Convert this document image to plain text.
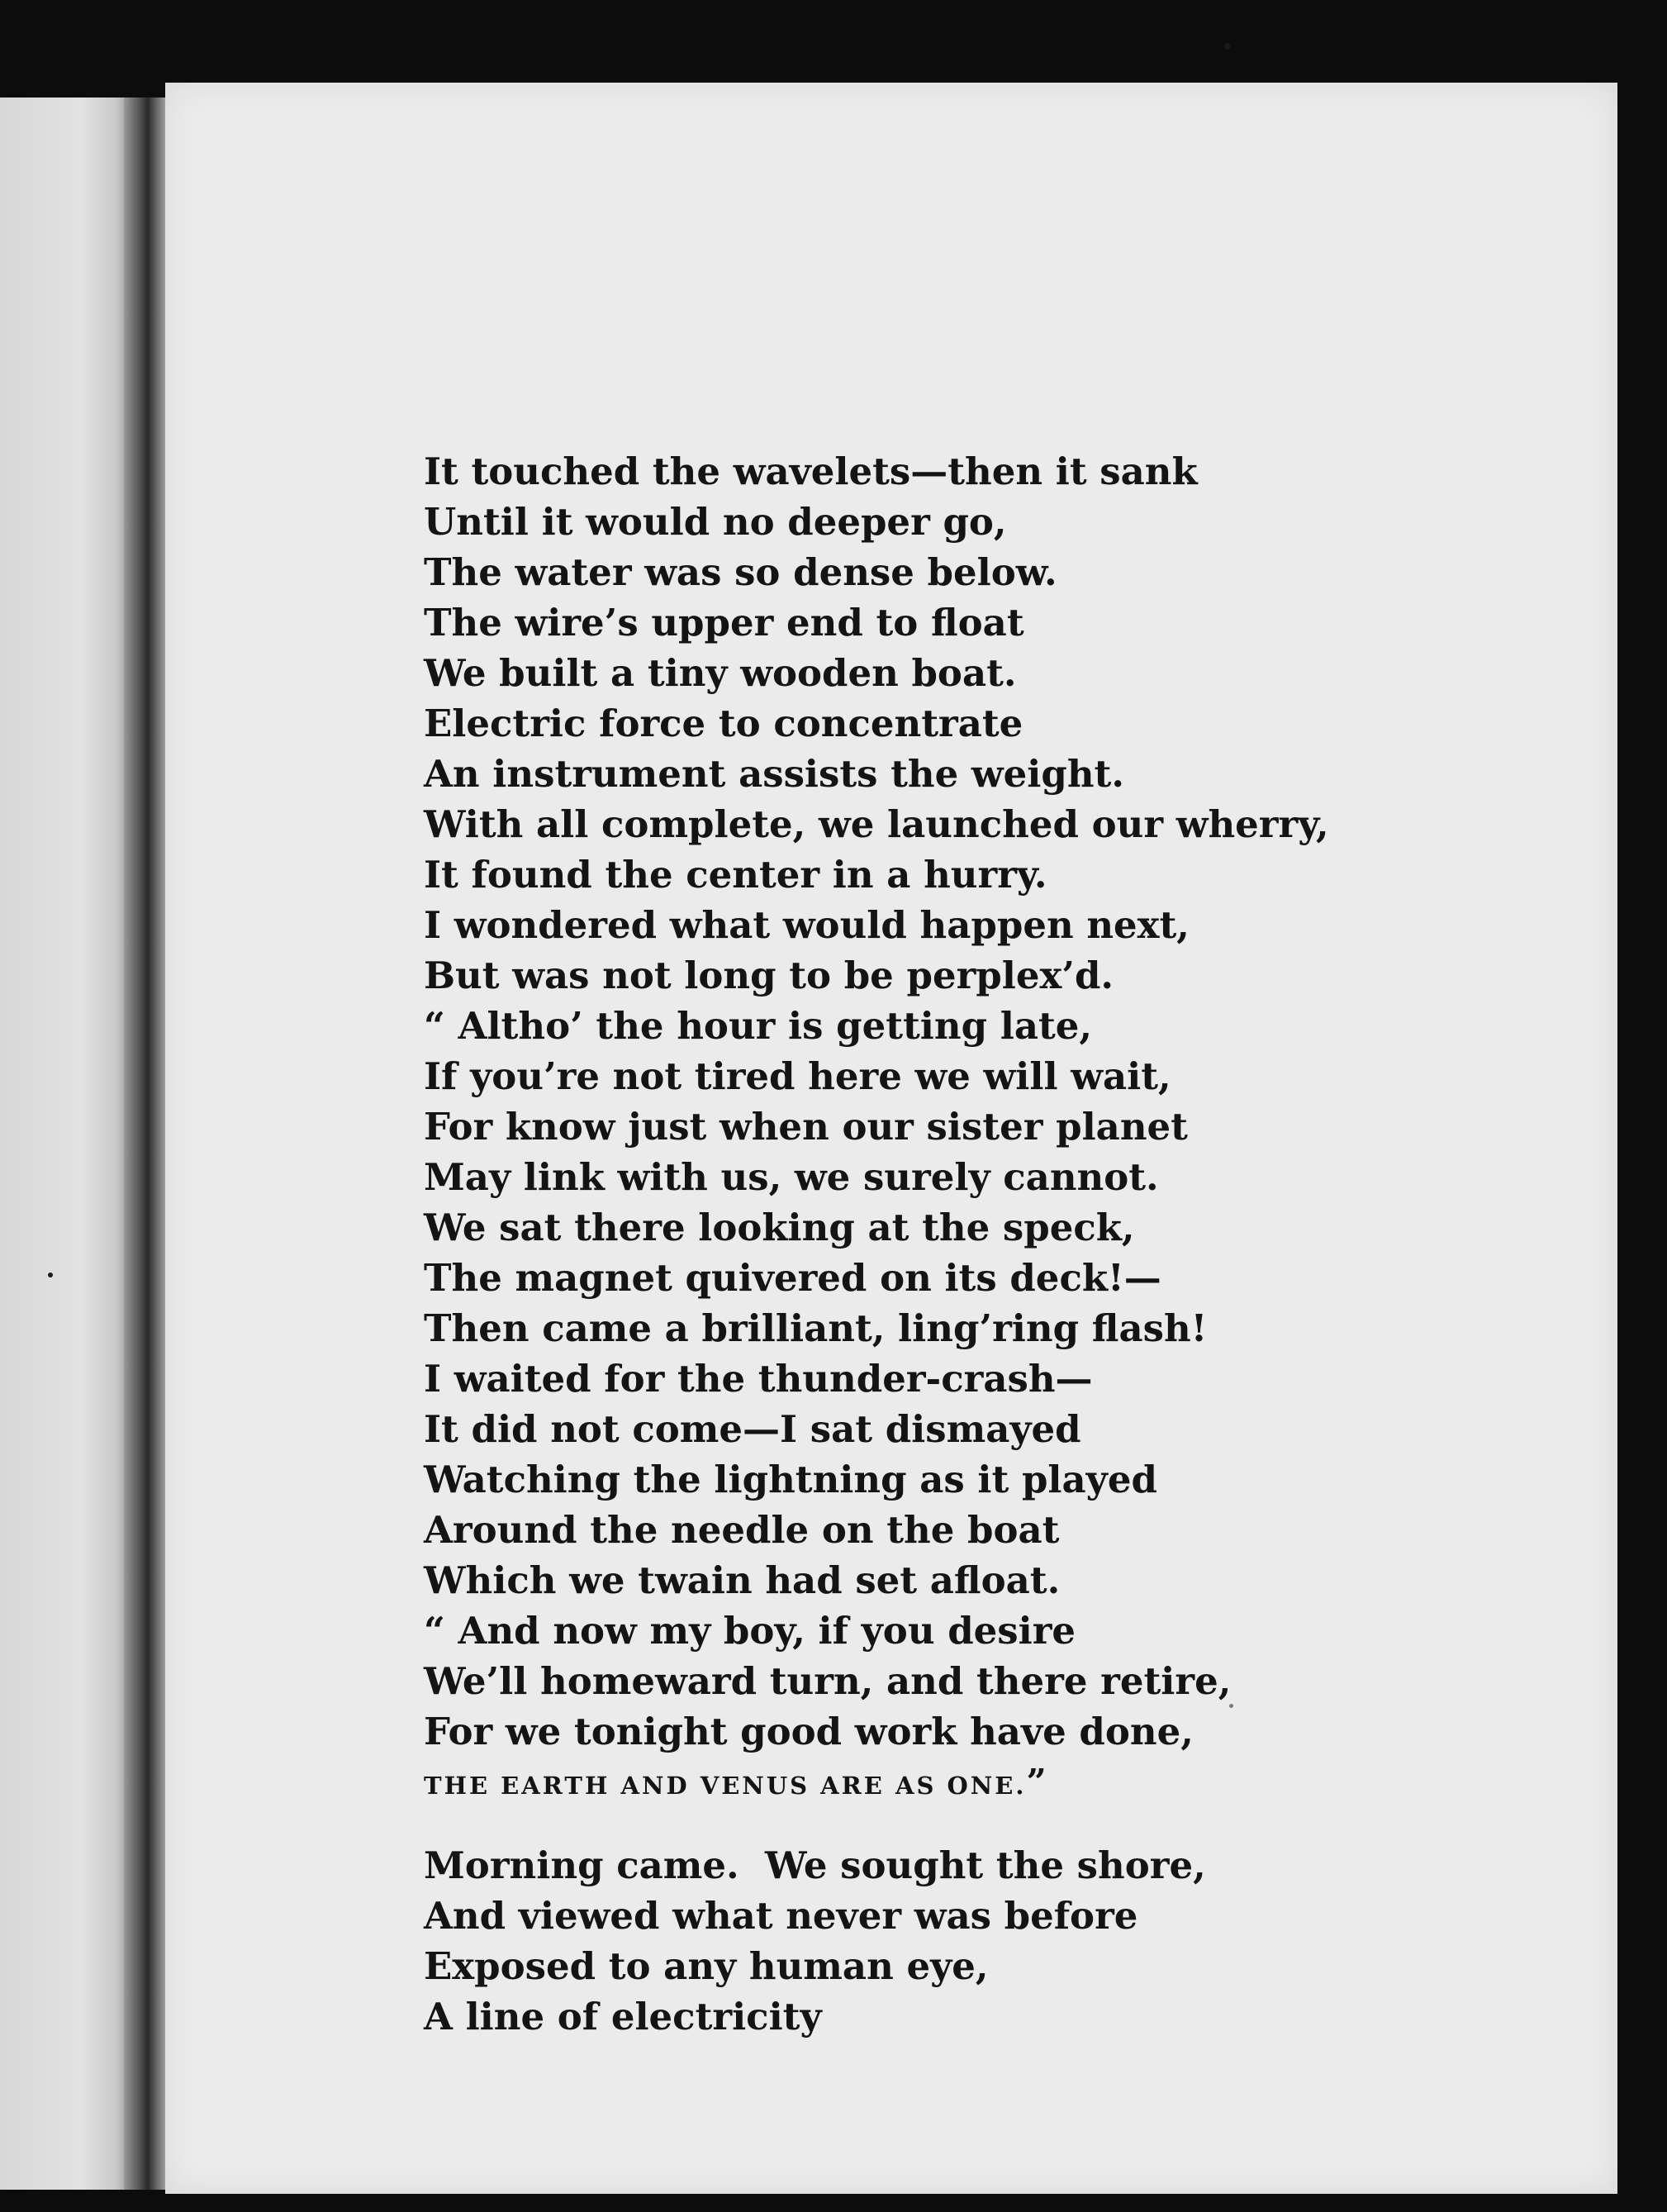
It touched the wavelets—then it sank
Until it would no deeper go,
The water was so dense below.
The wire’s upper end to float
We built a tiny wooden boat.
Electric force to concentrate
An instrument assists the weight.
With all complete, we launched our wherry,
It found the center in a hurry.
I wondered what would happen next,
But was not long to be perplex’d.
“ Altho’ the hour is getting late,
If you’re not tired here we will wait,
For know just when our sister planet
May link with us, we surely cannot.
We sat there looking at the speck,
The magnet quivered on its deck!—
Then came a brilliant, ling’ring flash!
I waited for the thunder-crash—
It did not come—I sat dismayed
Watching the lightning as it played
Around the needle on the boat
Which we twain had set afloat.
“ And now my boy, if you desire
We’ll homeward turn, and there retire,
For we tonight good work have done,
THE EARTH AND VENUS ARE AS ONE.”
Morning came.  We sought the shore,
And viewed what never was before
Exposed to any human eye,
A line of electricity
